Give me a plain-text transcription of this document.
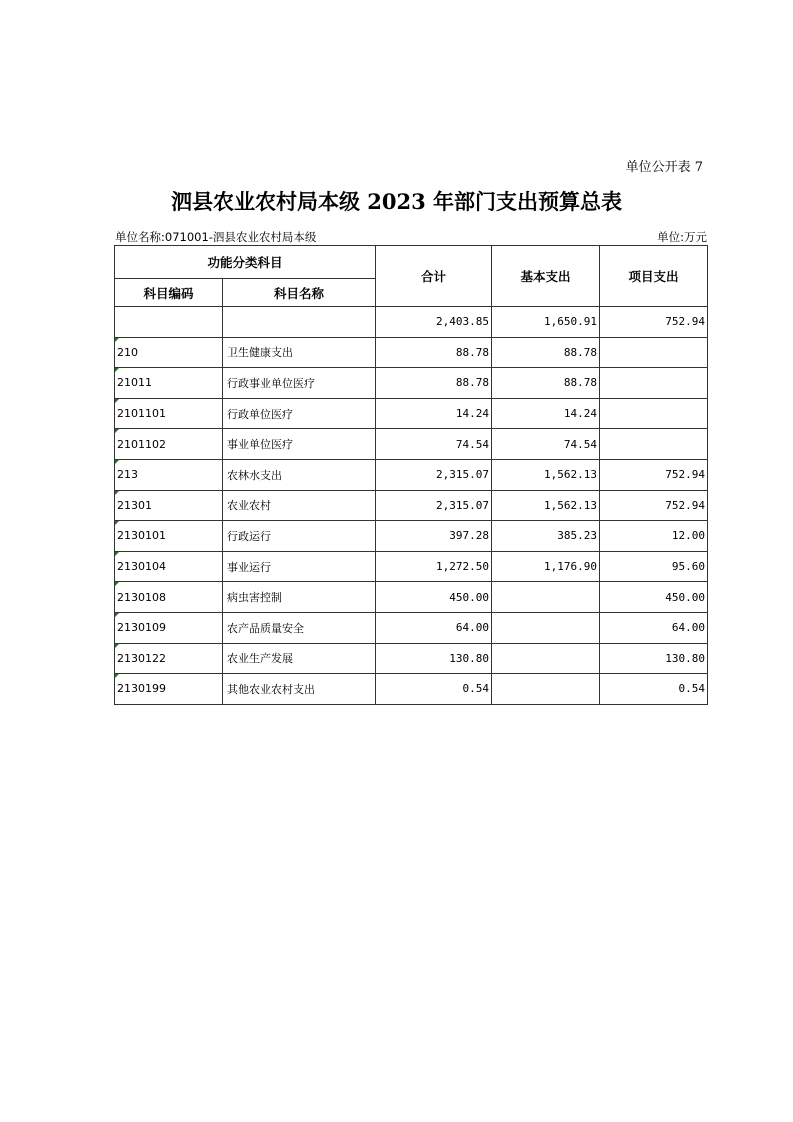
单位公开表 7
泗县农业农村局本级 2023 年部门支出预算总表
单位名称:071001-泗县农业农村局本级	单位:万元
功能分类科目		合计	基本支出	项目支出
科目编码	科目名称			
		2,403.85	1,650.91	752.94

210	卫生健康支出	88.78	88.78	

21011	行政事业单位医疗	88.78	88.78	

2101101	行政单位医疗	14.24	14.24	

2101102	事业单位医疗	74.54	74.54	

213	农林水支出	2,315.07	1,562.13	752.94

21301	农业农村	2,315.07	1,562.13	752.94

2130101	行政运行	397.28	385.23	12.00

2130104	事业运行	1,272.50	1,176.90	95.60

2130108	病虫害控制	450.00		450.00

2130109	农产品质量安全	64.00		64.00

2130122	农业生产发展	130.80		130.80

2130199	其他农业农村支出	0.54		0.54
